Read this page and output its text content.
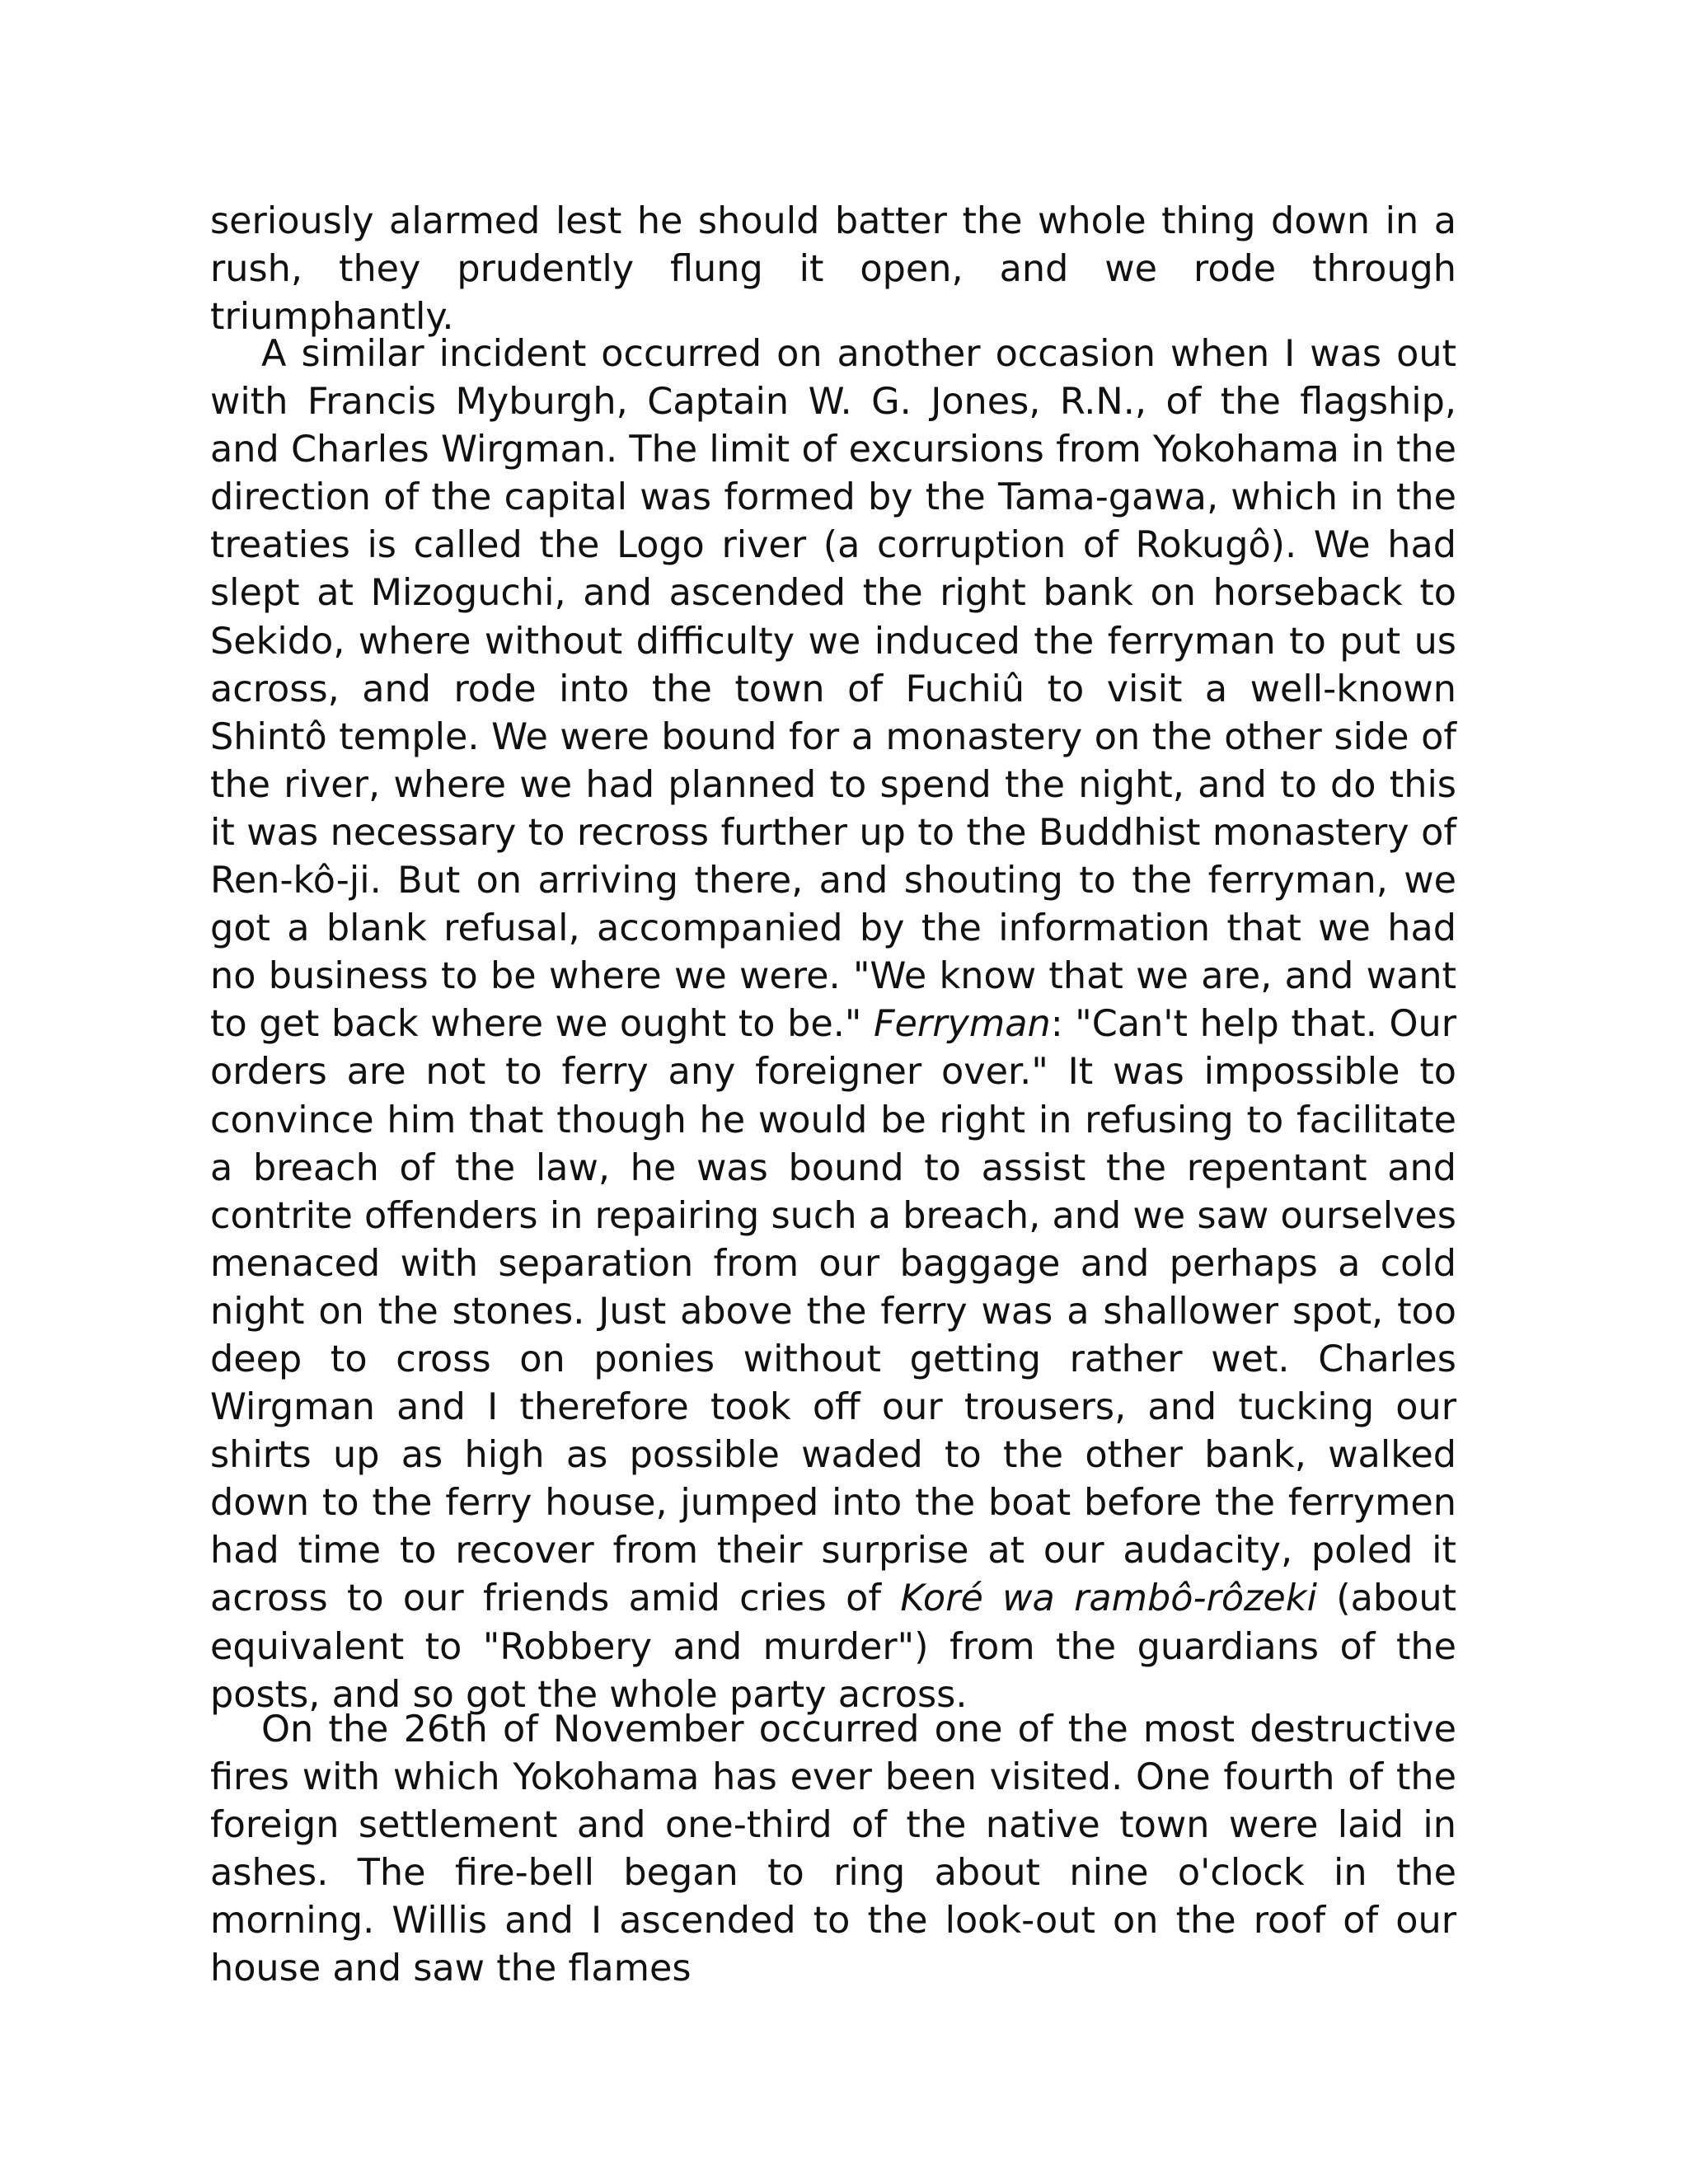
seriously alarmed lest he should batter the whole thing down in a rush, they prudently flung it open, and we rode through triumphantly.

A similar incident occurred on another occasion when I was out with Francis Myburgh, Captain W. G. Jones, R.N., of the flagship, and Charles Wirgman. The limit of excursions from Yokohama in the direction of the capital was formed by the Tama-gawa, which in the treaties is called the Logo river (a corruption of Rokugô). We had slept at Mizoguchi, and ascended the right bank on horseback to Sekido, where without difficulty we induced the ferryman to put us across, and rode into the town of Fuchiû to visit a well-known Shintô temple. We were bound for a monastery on the other side of the river, where we had planned to spend the night, and to do this it was necessary to recross further up to the Buddhist monastery of Ren-kô-ji. But on arriving there, and shouting to the ferryman, we got a blank refusal, accompanied by the information that we had no business to be where we were. "We know that we are, and want to get back where we ought to be." Ferryman: "Can't help that. Our orders are not to ferry any foreigner over." It was impossible to convince him that though he would be right in refusing to facilitate a breach of the law, he was bound to assist the repentant and contrite offenders in repairing such a breach, and we saw ourselves menaced with separation from our baggage and perhaps a cold night on the stones. Just above the ferry was a shallower spot, too deep to cross on ponies without getting rather wet. Charles Wirgman and I therefore took off our trousers, and tucking our shirts up as high as possible waded to the other bank, walked down to the ferry house, jumped into the boat before the ferrymen had time to recover from their surprise at our audacity, poled it across to our friends amid cries of Koré wa rambô-rôzeki (about equivalent to "Robbery and murder") from the guardians of the posts, and so got the whole party across.

On the 26th of November occurred one of the most destructive fires with which Yokohama has ever been visited. One fourth of the foreign settlement and one-third of the native town were laid in ashes. The fire-bell began to ring about nine o'clock in the morning. Willis and I ascended to the look-out on the roof of our house and saw the flames
